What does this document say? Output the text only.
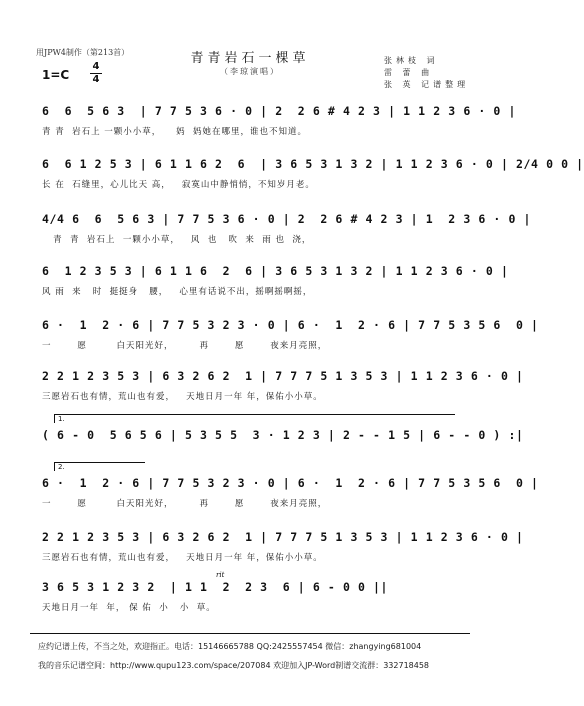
用JPW4制作（第213首）	青青岩石一棵草
（李琼演唱）
张林枝 词
雷 蕾 曲
张 英 记谱整理
1=C
4
4
6  6  5 6 3  | 7 7 5 3 6 · 0 | 2  2 6 # 4 2 3 | 1 1 2 3 6 · 0 |
青 青  岩石上 一颗小小草，    妈  妈她在哪里，谁也不知道。
6  6 1 2 5 3 | 6 1 1 6 2  6  | 3 6 5 3 1 3 2 | 1 1 2 3 6 · 0 | 2/4 0 0 |
长 在  石缝里，心儿比天 高，   寂寞山中静悄悄，不知岁月老。
4/4 6  6  5 6 3 | 7 7 5 3 6 · 0 | 2  2 6 # 4 2 3 | 1  2 3 6 · 0 |
青  青  岩石上  一颗小小草，   风  也   吹  来  雨 也  浇，
6  1 2 3 5 3 | 6 1 1 6  2  6 | 3 6 5 3 1 3 2 | 1 1 2 3 6 · 0 |
风 雨  来   时  挺挺身   腰，   心里有话说不出，摇啊摇啊摇，
6 ·  1  2 · 6 | 7 7 5 3 2 3 · 0 | 6 ·  1  2 · 6 | 7 7 5 3 5 6  0 |
一       愿        白天阳光好，       再       愿       夜来月亮照，
2 2 1 2 3 5 3 | 6 3 2 6 2  1 | 7 7 7 5 1 3 5 3 | 1 1 2 3 6 · 0 |
三愿岩石也有情，荒山也有爱，   天地日月一年 年，保佑小小草。
1.
( 6 - 0  5 6 5 6 | 5 3 5 5  3 · 1 2 3 | 2 - - 1 5 | 6 - - 0 ) :|
2.
6 ·  1  2 · 6 | 7 7 5 3 2 3 · 0 | 6 ·  1  2 · 6 | 7 7 5 3 5 6  0 |
一       愿        白天阳光好，       再       愿       夜来月亮照，
2 2 1 2 3 5 3 | 6 3 2 6 2  1 | 7 7 7 5 1 3 5 3 | 1 1 2 3 6 · 0 |
三愿岩石也有情，荒山也有爱，   天地日月一年 年，保佑小小草。
rit
3 6 5 3 1 2 3 2  | 1 1  2  2 3  6 | 6 - 0 0 ||
天地日月一年  年， 保 佑  小   小  草。
应约记谱上传，不当之处，欢迎指正。电话：15146665788 QQ:2425557454 微信：zhangying681004
我的音乐记谱空间：http://www.qupu123.com/space/207084 欢迎加入JP-Word制谱交流群：332718458
